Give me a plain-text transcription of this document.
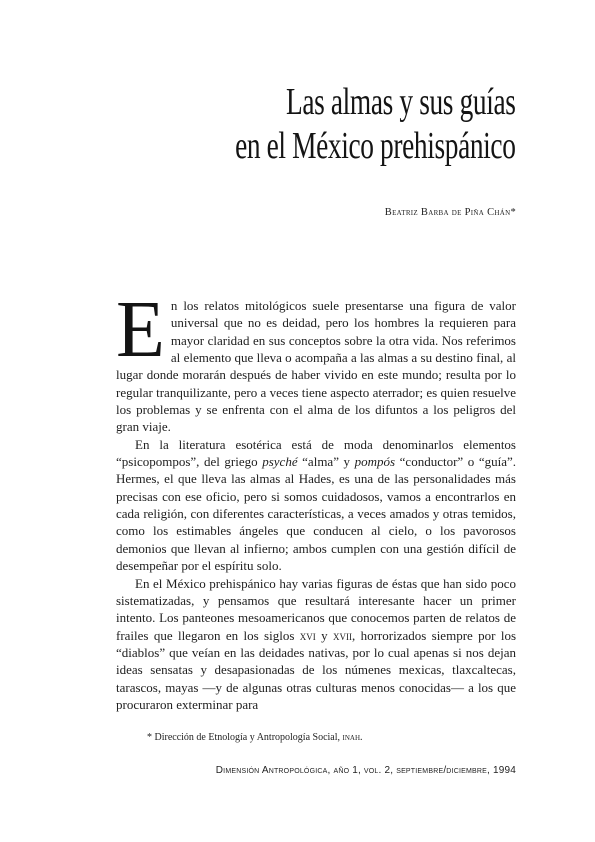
Las almas y sus guías
en el México prehispánico
Beatriz Barba de Piña Chán*

En los relatos mitológicos suele presentarse una figura de valor universal que no es deidad, pero los hombres la requieren para mayor claridad en sus conceptos sobre la otra vida. Nos referimos al elemento que lleva o acompaña a las almas a su destino final, al lugar donde morarán después de haber vivido en este mundo; resulta por lo regular tranquilizante, pero a veces tiene aspecto aterrador; es quien resuelve los problemas y se enfrenta con el alma de los difuntos a los peligros del gran viaje.

En la literatura esotérica está de moda denominarlos elementos “psicopompos”, del griego psyché “alma” y pompós “conductor” o “guía”. Hermes, el que lleva las almas al Hades, es una de las personalidades más precisas con ese oficio, pero si somos cuidadosos, vamos a encontrarlos en cada religión, con diferentes características, a veces amados y otras temidos, como los estimables ángeles que conducen al cielo, o los pavorosos demonios que llevan al infierno; ambos cumplen con una gestión difícil de desempeñar por el espíritu solo.

En el México prehispánico hay varias figuras de éstas que han sido poco sistematizadas, y pensamos que resultará interesante hacer un primer intento. Los panteones mesoamericanos que conocemos parten de relatos de frailes que llegaron en los siglos xvi y xvii, horrorizados siempre por los “diablos” que veían en las deidades nativas, por lo cual apenas si nos dejan ideas sensatas y desapasionadas de los númenes mexicas, tlaxcaltecas, tarascos, mayas —y de algunas otras culturas menos conocidas— a los que procuraron exterminar para

* Dirección de Etnología y Antropología Social, inah.
Dimensión Antropológica, año 1, vol. 2, septiembre/diciembre, 1994
